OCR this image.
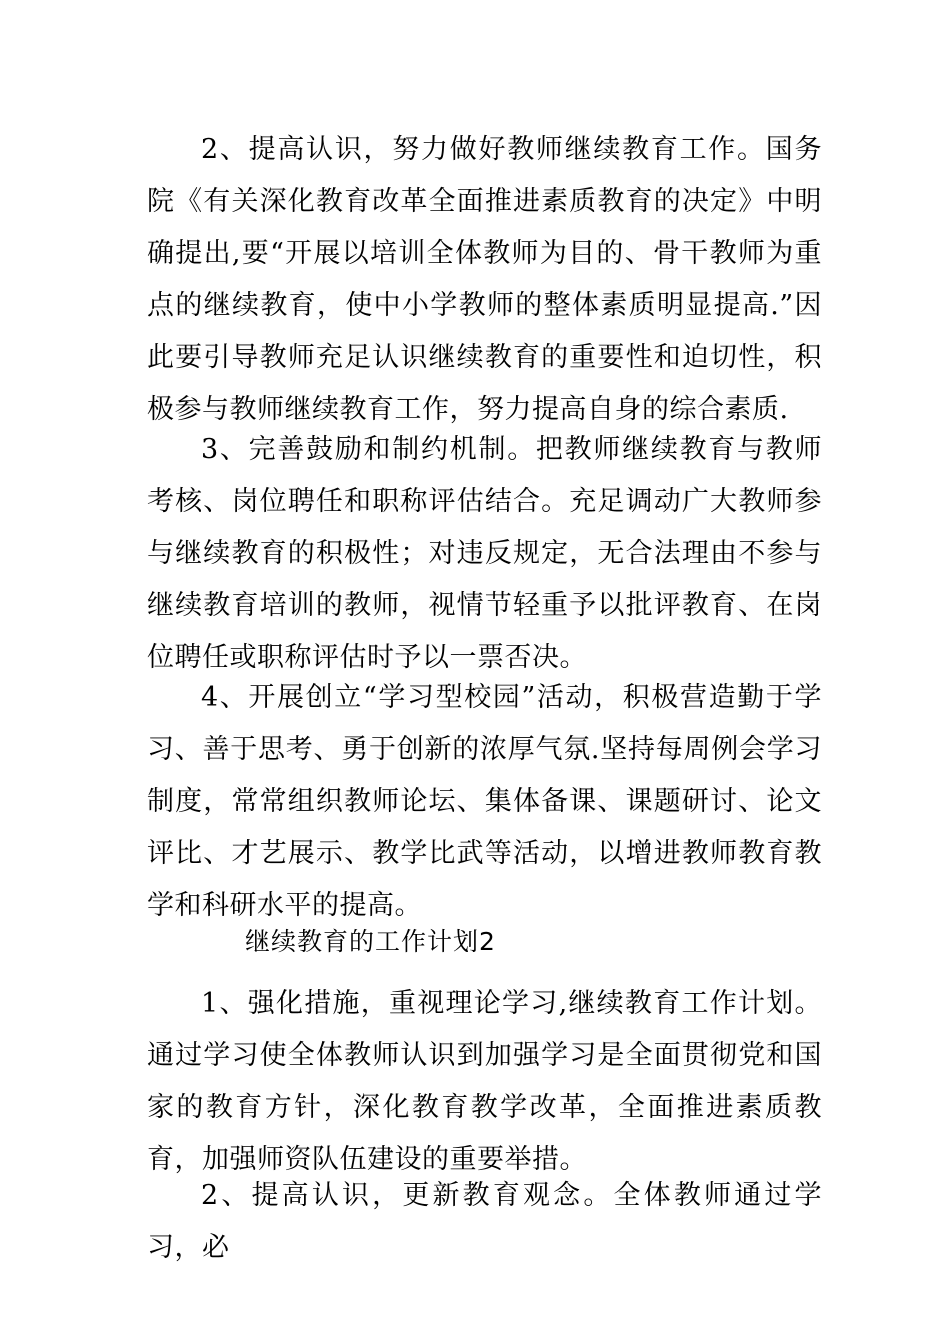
2、提高认识，努力做好教师继续教育工作。国务院《有关深化教育改革全面推进素质教育的决定》中明确提出,要“开展以培训全体教师为目的、骨干教师为重点的继续教育，使中小学教师的整体素质明显提高.”因此要引导教师充足认识继续教育的重要性和迫切性，积极参与教师继续教育工作，努力提高自身的综合素质.

3、完善鼓励和制约机制。把教师继续教育与教师考核、岗位聘任和职称评估结合。充足调动广大教师参与继续教育的积极性；对违反规定，无合法理由不参与继续教育培训的教师，视情节轻重予以批评教育、在岗位聘任或职称评估时予以一票否决。

4、开展创立“学习型校园”活动，积极营造勤于学习、善于思考、勇于创新的浓厚气氛.坚持每周例会学习制度，常常组织教师论坛、集体备课、课题研讨、论文评比、才艺展示、教学比武等活动，以增进教师教育教学和科研水平的提高。

继续教育的工作计划2

1、强化措施，重视理论学习,继续教育工作计划。通过学习使全体教师认识到加强学习是全面贯彻党和国家的教育方针，深化教育教学改革，全面推进素质教育，加强师资队伍建设的重要举措。

2、提高认识，更新教育观念。全体教师通过学习，必
